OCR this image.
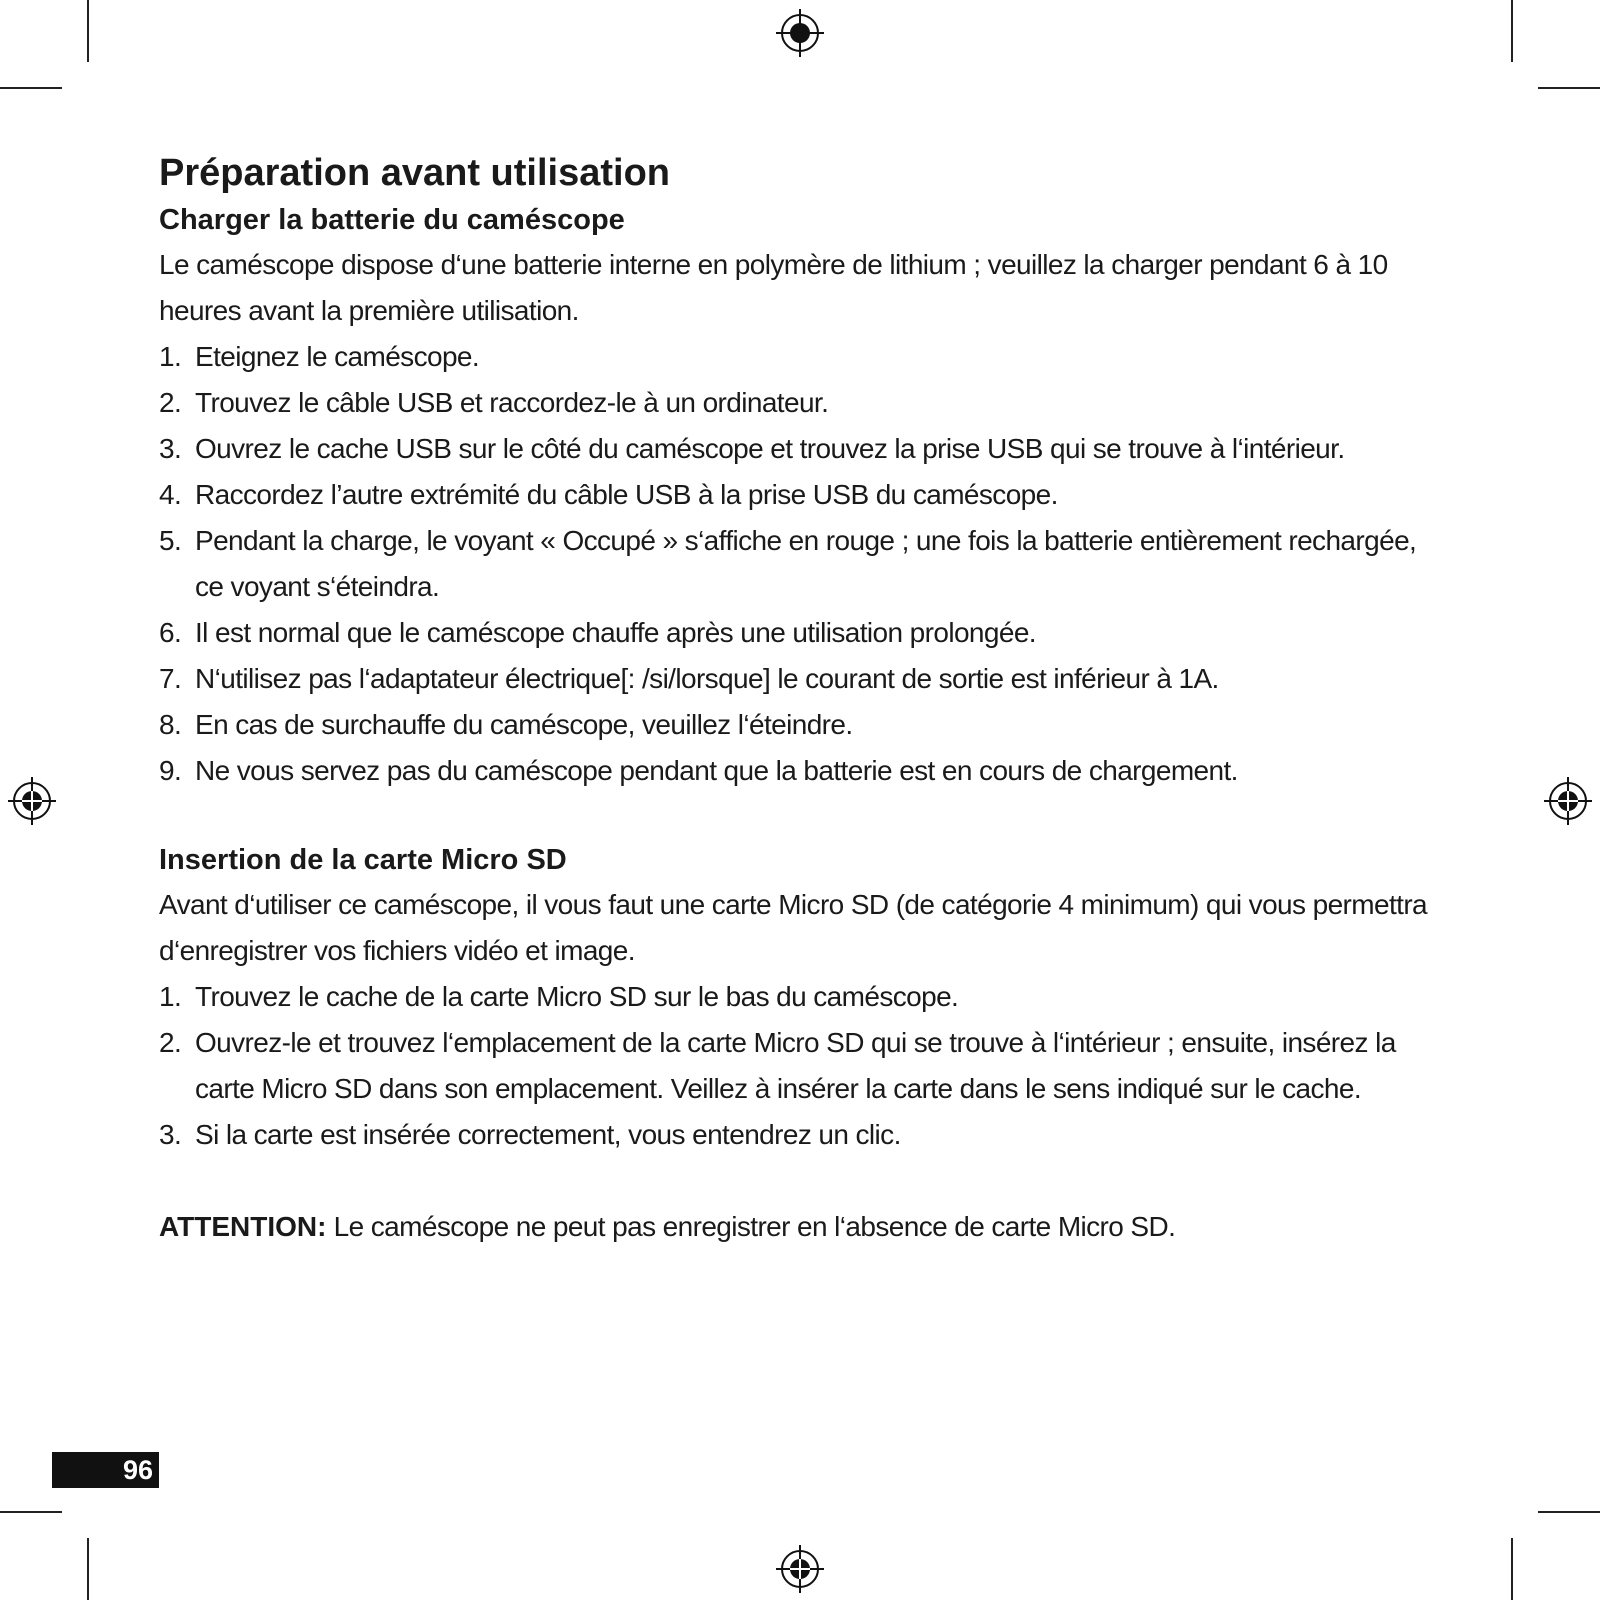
Préparation avant utilisation
Charger la batterie du caméscope

Le caméscope dispose d‘une batterie interne en polymère de lithium ; veuillez la charger pendant 6 à 10 heures avant la première utilisation.

1. Eteignez le caméscope.
2. Trouvez le câble USB et raccordez-le à un ordinateur.
3. Ouvrez le cache USB sur le côté du caméscope et trouvez la prise USB qui se trouve à l‘intérieur.
4. Raccordez l’autre extrémité du câble USB à la prise USB du caméscope.
5. Pendant la charge, le voyant « Occupé » s‘affiche en rouge ; une fois la batterie entièrement rechargée, ce voyant s‘éteindra.
6. Il est normal que le caméscope chauffe après une utilisation prolongée.
7. N‘utilisez pas l‘adaptateur électrique[: /si/lorsque] le courant de sortie est inférieur à 1A.
8. En cas de surchauffe du caméscope, veuillez l‘éteindre.
9. Ne vous servez pas du caméscope pendant que la batterie est en cours de chargement.
Insertion de la carte Micro SD

Avant d‘utiliser ce caméscope, il vous faut une carte Micro SD (de catégorie 4 minimum) qui vous permettra d‘enregistrer vos fichiers vidéo et image.

1. Trouvez le cache de la carte Micro SD sur le bas du caméscope.
2. Ouvrez-le et trouvez l‘emplacement de la carte Micro SD qui se trouve à l‘intérieur ; ensuite, insérez la carte Micro SD dans son emplacement. Veillez à insérer la carte dans le sens indiqué sur le cache.
3. Si la carte est insérée correctement, vous entendrez un clic.

ATTENTION: Le caméscope ne peut pas enregistrer en l‘absence de carte Micro SD.

96
